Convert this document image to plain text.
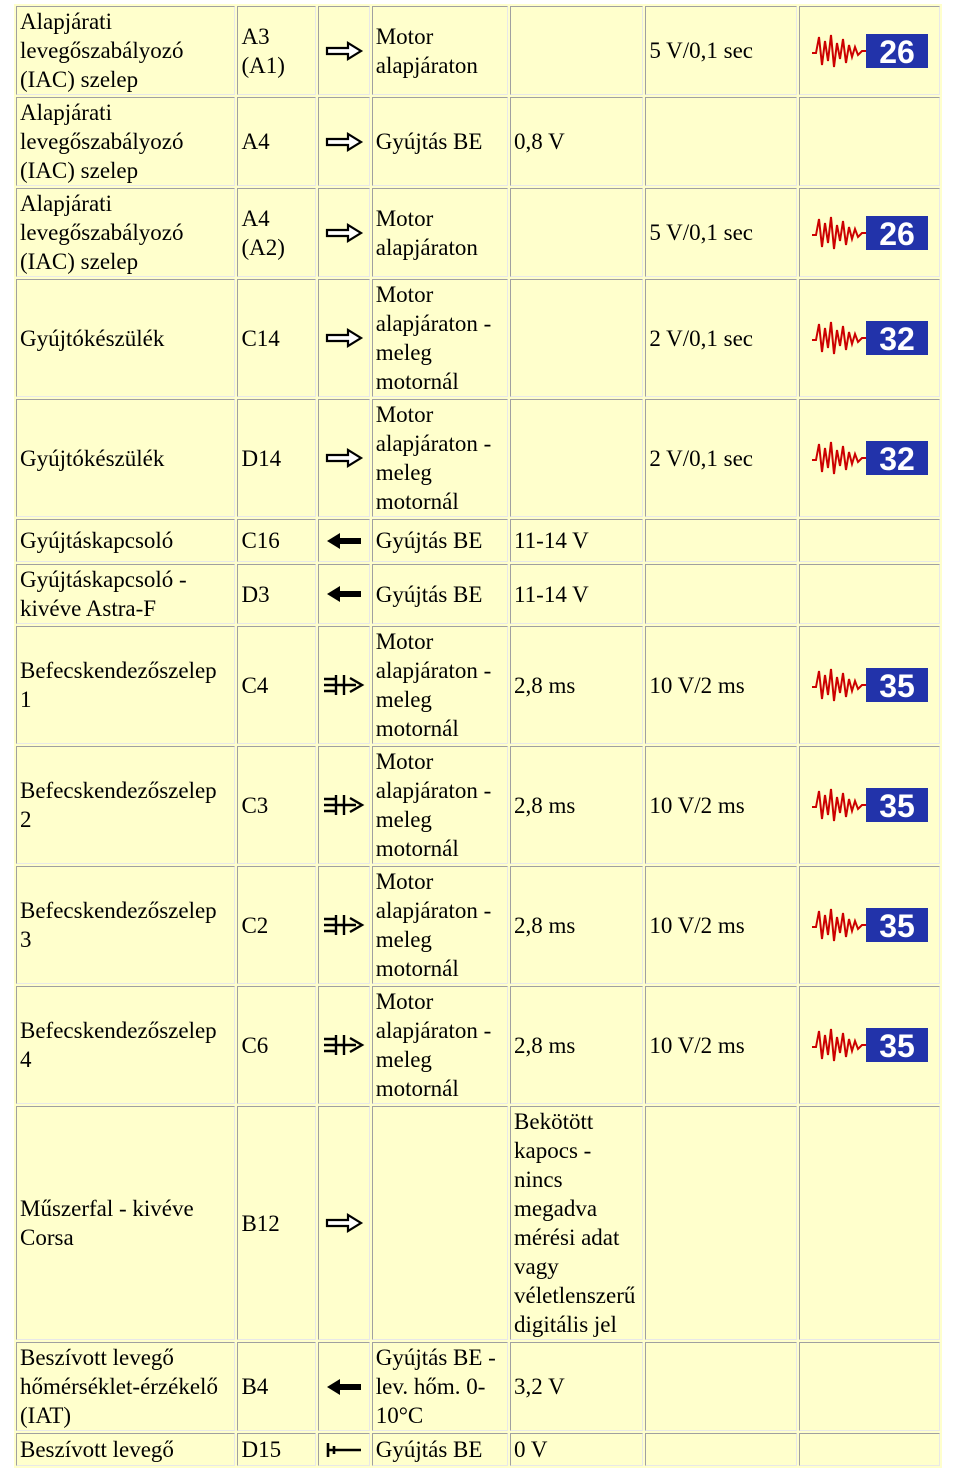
Alapjárati levegőszabályozó (IAC) szelep	A3 (A1)		Motor alapjáraton		5 V/0,1 sec	26

Alapjárati levegőszabályozó (IAC) szelep	A4		Gyújtás BE	0,8 V		
Alapjárati levegőszabályozó (IAC) szelep	A4 (A2)		Motor alapjáraton		5 V/0,1 sec	26

Gyújtókészülék	C14		Motor alapjáraton - meleg motornál		2 V/0,1 sec	32

Gyújtókészülék	D14		Motor alapjáraton - meleg motornál		2 V/0,1 sec	32

Gyújtáskapcsoló	C16		Gyújtás BE	11-14 V		
Gyújtáskapcsoló - kivéve Astra-F	D3		Gyújtás BE	11-14 V		
Befecskendezőszelep 1	C4		Motor alapjáraton - meleg motornál	2,8 ms	10 V/2 ms	35

Befecskendezőszelep 2	C3		Motor alapjáraton - meleg motornál	2,8 ms	10 V/2 ms	35

Befecskendezőszelep 3	C2		Motor alapjáraton - meleg motornál	2,8 ms	10 V/2 ms	35

Befecskendezőszelep 4	C6		Motor alapjáraton - meleg motornál	2,8 ms	10 V/2 ms	35

Műszerfal - kivéve Corsa	B12			Bekötött kapocs - nincs megadva mérési adat vagy véletlenszerű digitális jel		
Beszívott levegő hőmérséklet-érzékelő (IAT)	B4		Gyújtás BE - lev. hőm. 0-10°C	3,2 V		
Beszívott levegő	D15		Gyújtás BE	0 V		
